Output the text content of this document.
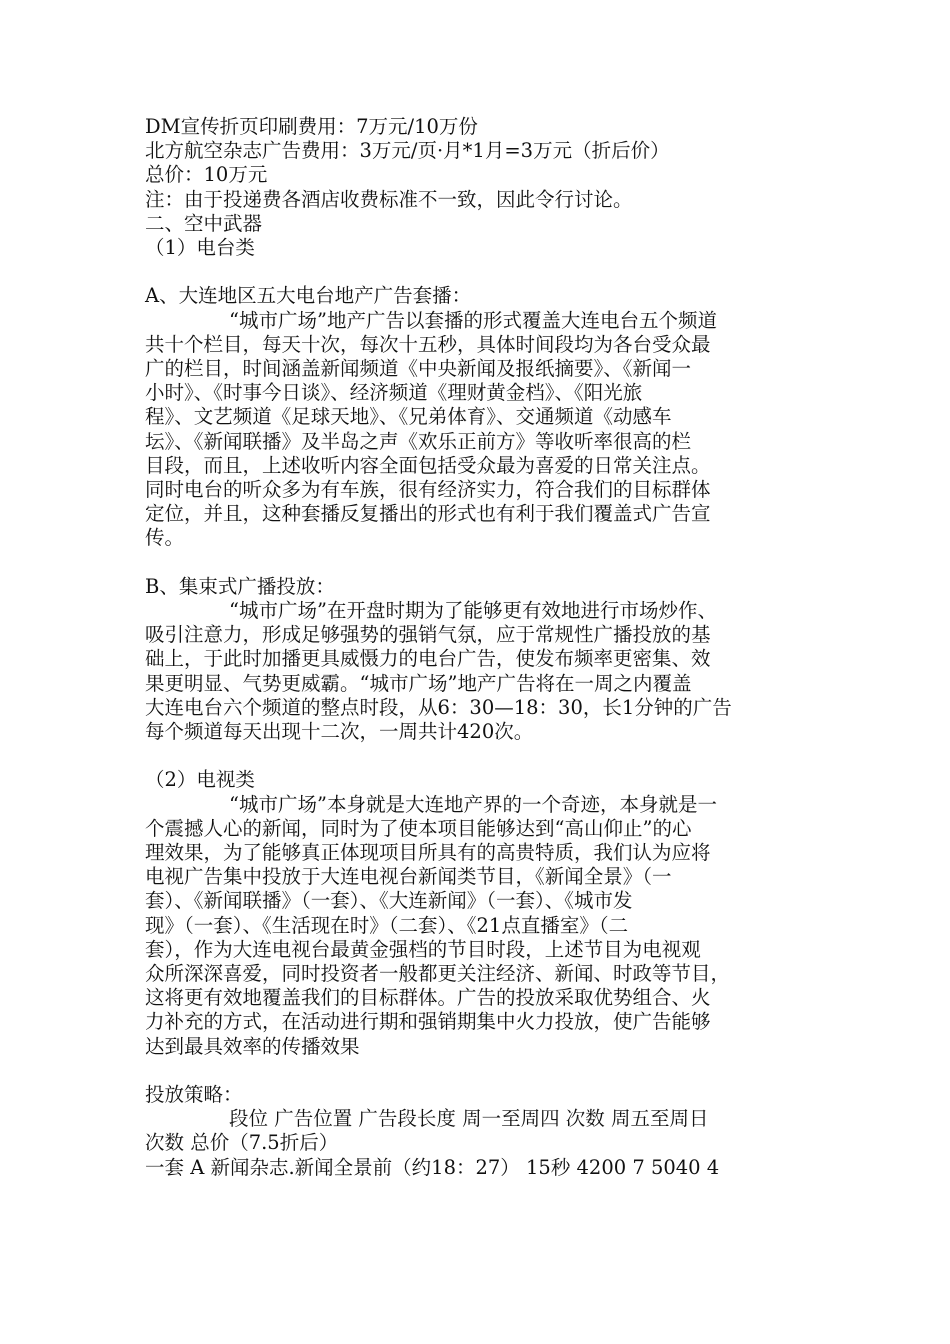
DM宣传折页印刷费用：7万元/10万份
北方航空杂志广告费用：3万元/页·月*1月=3万元（折后价）
总价：10万元
注：由于投递费各酒店收费标准不一致，因此令行讨论。
二、空中武器
（1）电台类
A、大连地区五大电台地产广告套播：
“城市广场”地产广告以套播的形式覆盖大连电台五个频道
共十个栏目，每天十次，每次十五秒，具体时间段均为各台受众最
广的栏目，时间涵盖新闻频道《中央新闻及报纸摘要》、《新闻一
小时》、《时事今日谈》、经济频道《理财黄金档》、《阳光旅
程》、文艺频道《足球天地》、《兄弟体育》、交通频道《动感车
坛》、《新闻联播》及半岛之声《欢乐正前方》等收听率很高的栏
目段，而且，上述收听内容全面包括受众最为喜爱的日常关注点。
同时电台的听众多为有车族，很有经济实力，符合我们的目标群体
定位，并且，这种套播反复播出的形式也有利于我们覆盖式广告宣
传。
B、集束式广播投放：
“城市广场”在开盘时期为了能够更有效地进行市场炒作、
吸引注意力，形成足够强势的强销气氛，应于常规性广播投放的基
础上，于此时加播更具威慑力的电台广告，使发布频率更密集、效
果更明显、气势更威霸。“城市广场”地产广告将在一周之内覆盖
大连电台六个频道的整点时段，从6：30—18：30，长1分钟的广告
每个频道每天出现十二次，一周共计420次。
（2）电视类
“城市广场”本身就是大连地产界的一个奇迹，本身就是一
个震撼人心的新闻，同时为了使本项目能够达到“高山仰止”的心
理效果，为了能够真正体现项目所具有的高贵特质，我们认为应将
电视广告集中投放于大连电视台新闻类节目，《新闻全景》（一
套）、《新闻联播》（一套）、《大连新闻》（一套）、《城市发
现》（一套）、《生活现在时》（二套）、《21点直播室》（二
套），作为大连电视台最黄金强档的节目时段，上述节目为电视观
众所深深喜爱，同时投资者一般都更关注经济、新闻、时政等节目，
这将更有效地覆盖我们的目标群体。广告的投放采取优势组合、火
力补充的方式，在活动进行期和强销期集中火力投放，使广告能够
达到最具效率的传播效果
投放策略：
段位 广告位置 广告段长度 周一至周四 次数 周五至周日
次数 总价（7.5折后）
一套 A 新闻杂志.新闻全景前（约18：27） 15秒 4200 7 5040 4
